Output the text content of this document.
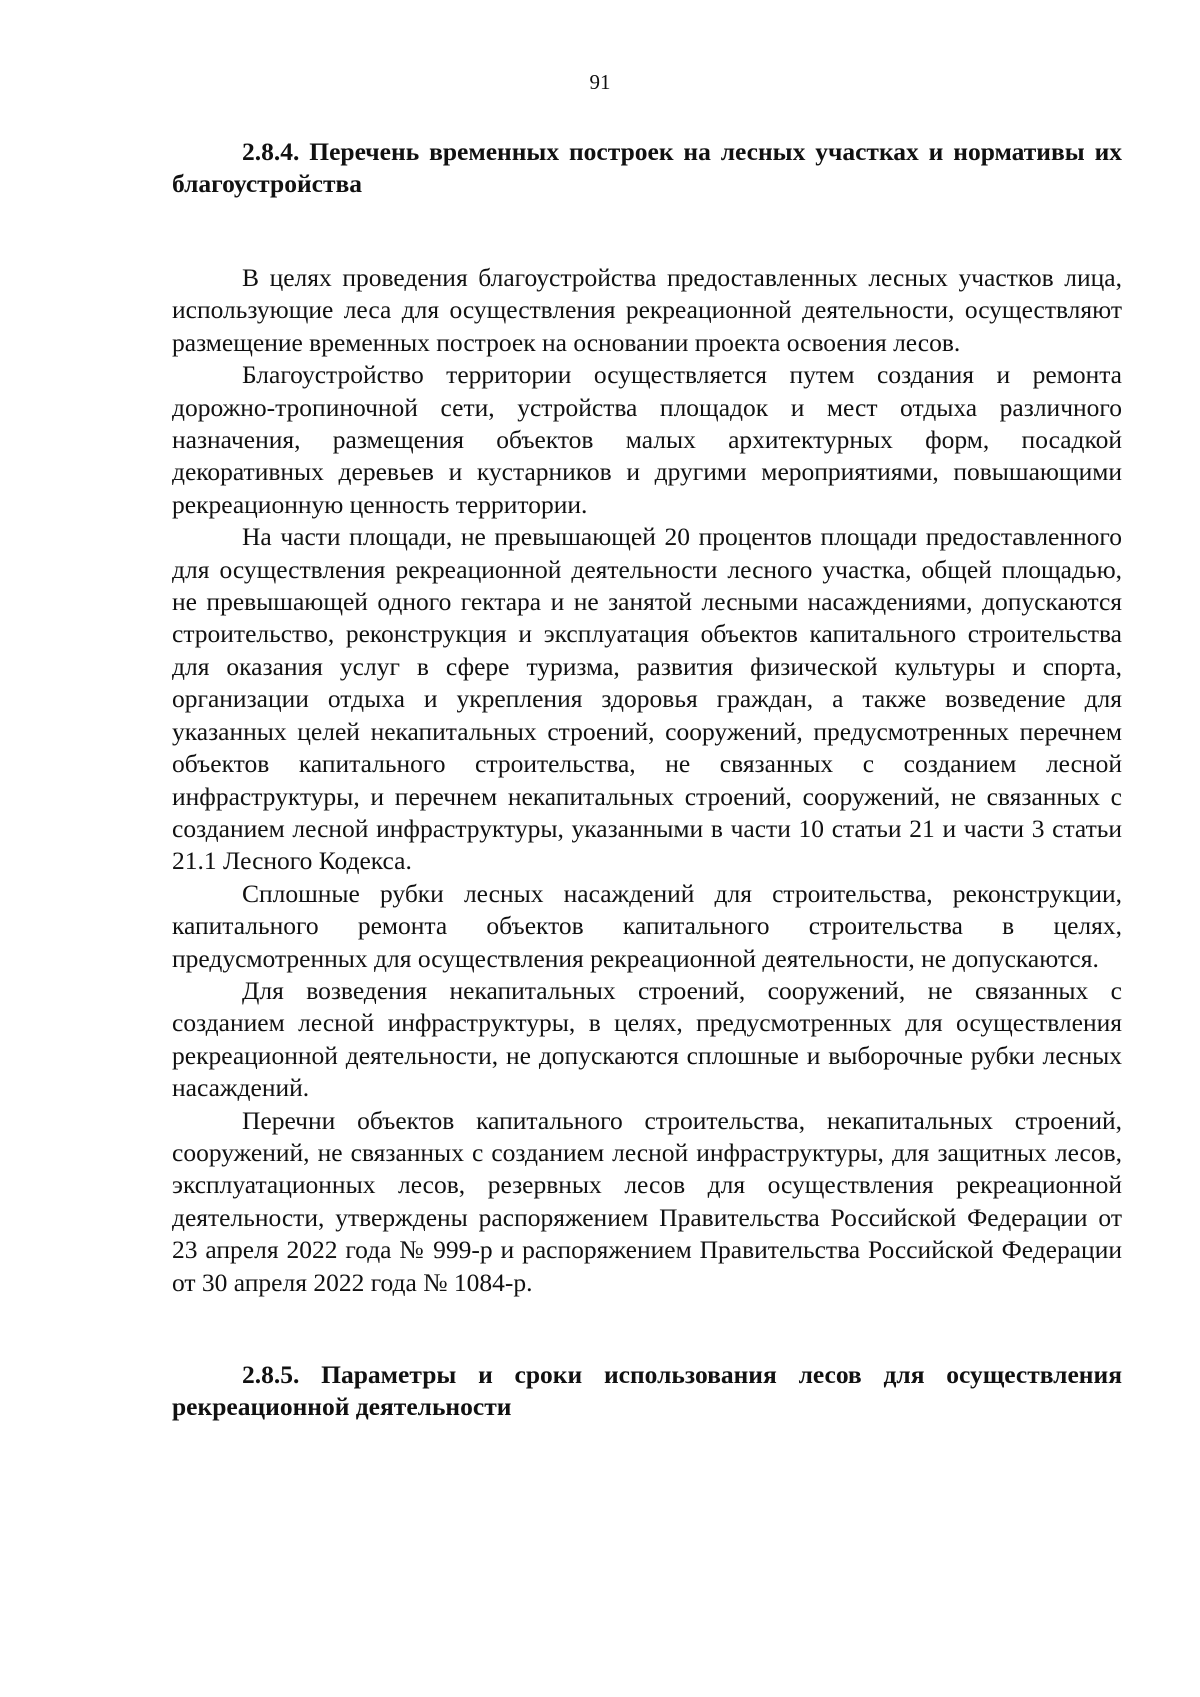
91

2.8.4. Перечень временных построек на лесных участках и нормативы их благоустройства

В целях проведения благоустройства предоставленных лесных участков лица, использующие леса для осуществления рекреационной деятельности, осуществляют размещение временных построек на основании проекта освоения лесов.

Благоустройство территории осуществляется путем создания и ремонта дорожно-тропиночной сети, устройства площадок и мест отдыха различного назначения, размещения объектов малых архитектурных форм, посадкой декоративных деревьев и кустарников и другими мероприятиями, повышающими рекреационную ценность территории.

На части площади, не превышающей 20 процентов площади предоставленного для осуществления рекреационной деятельности лесного участка, общей площадью, не превышающей одного гектара и не занятой лесными насаждениями, допускаются строительство, реконструкция и эксплуатация объектов капитального строительства для оказания услуг в сфере туризма, развития физической культуры и спорта, организации отдыха и укрепления здоровья граждан, а также возведение для указанных целей некапитальных строений, сооружений, предусмотренных перечнем объектов капитального строительства, не связанных с созданием лесной инфраструктуры, и перечнем некапитальных строений, сооружений, не связанных с созданием лесной инфраструктуры, указанными в части 10 статьи 21 и части 3 статьи 21.1 Лесного Кодекса.

Сплошные рубки лесных насаждений для строительства, реконструкции, капитального ремонта объектов капитального строительства в целях, предусмотренных для осуществления рекреационной деятельности, не допускаются.

Для возведения некапитальных строений, сооружений, не связанных с созданием лесной инфраструктуры, в целях, предусмотренных для осуществления рекреационной деятельности, не допускаются сплошные и выборочные рубки лесных насаждений.

Перечни объектов капитального строительства, некапитальных строений, сооружений, не связанных с созданием лесной инфраструктуры, для защитных лесов, эксплуатационных лесов, резервных лесов для осуществления рекреационной деятельности, утверждены распоряжением Правительства Российской Федерации от 23 апреля 2022 года № 999-р и распоряжением Правительства Российской Федерации от 30 апреля 2022 года № 1084-р.

2.8.5. Параметры и сроки использования лесов для осуществления рекреационной деятельности
